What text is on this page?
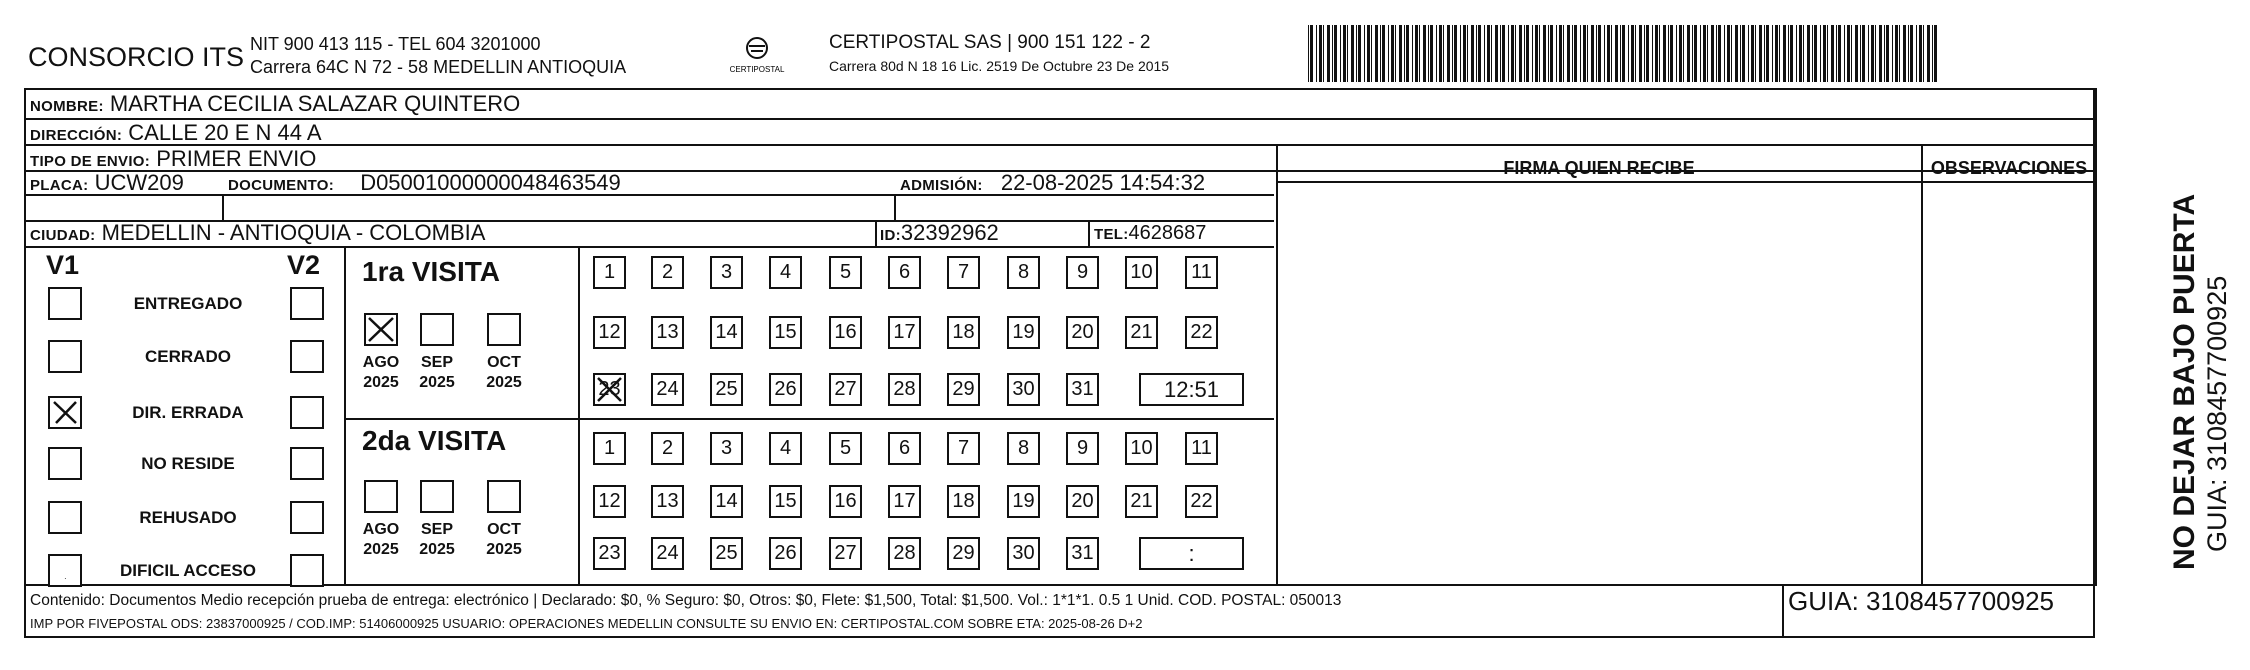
CONSORCIO ITS NIT 900 413 115 - TEL 604 3201000
Carrera 64C N 72 - 58 MEDELLIN ANTIOQUIA	CERTIPOSTAL
CERTIPOSTAL SAS | 900 151 122 - 2
Carrera 80d N 18 16 Lic. 2519 De Octubre 23 De 2015
NOMBRE: MARTHA CECILIA SALAZAR QUINTERO
DIRECCIÓN: CALLE 20 E N 44 A
TIPO DE ENVIO: PRIMER ENVIO
PLACA: UCW209	DOCUMENTO: D05001000000048463549	ADMISIÓN: 22-08-2025 14:54:32
CIUDAD: MEDELLIN - ANTIOQUIA - COLOMBIA	ID:32392962	TEL:4628687
FIRMA QUIEN RECIBE	OBSERVACIONES
V1	V2
ENTREGADO
CERRADO
DIR. ERRADA
NO RESIDE
REHUSADO
·	DIFICIL ACCESO
1ra VISITA
2da VISITA
AGO
2025
SEP
2025
OCT
2025
AGO
2025
SEP
2025
OCT
2025
1	2	3	4	5	6	7	8	9	10	11
12 13 14 15 16 17 18 19 20 21 22
23 24 25 26 27 28 29 30 31	12:51
1	2	3	4	5	6	7	8	9	10	11
12 13 14 15 16 17 18 19 20 21 22
23 24 25 26 27 28 29 30 31	:
Contenido: Documentos Medio recepción prueba de entrega: electrónico | Declarado: $0, % Seguro: $0, Otros: $0, Flete: $1,500, Total: $1,500. Vol.: 1*1*1. 0.5 1 Unid. COD. POSTAL: 050013
IMP POR FIVEPOSTAL ODS: 23837000925 / COD.IMP: 51406000925 USUARIO: OPERACIONES MEDELLIN CONSULTE SU ENVIO EN: CERTIPOSTAL.COM SOBRE ETA: 2025-08-26 D+2
GUIA: 3108457700925
NO DEJAR BAJO PUERTA GUIA: 3108457700925
